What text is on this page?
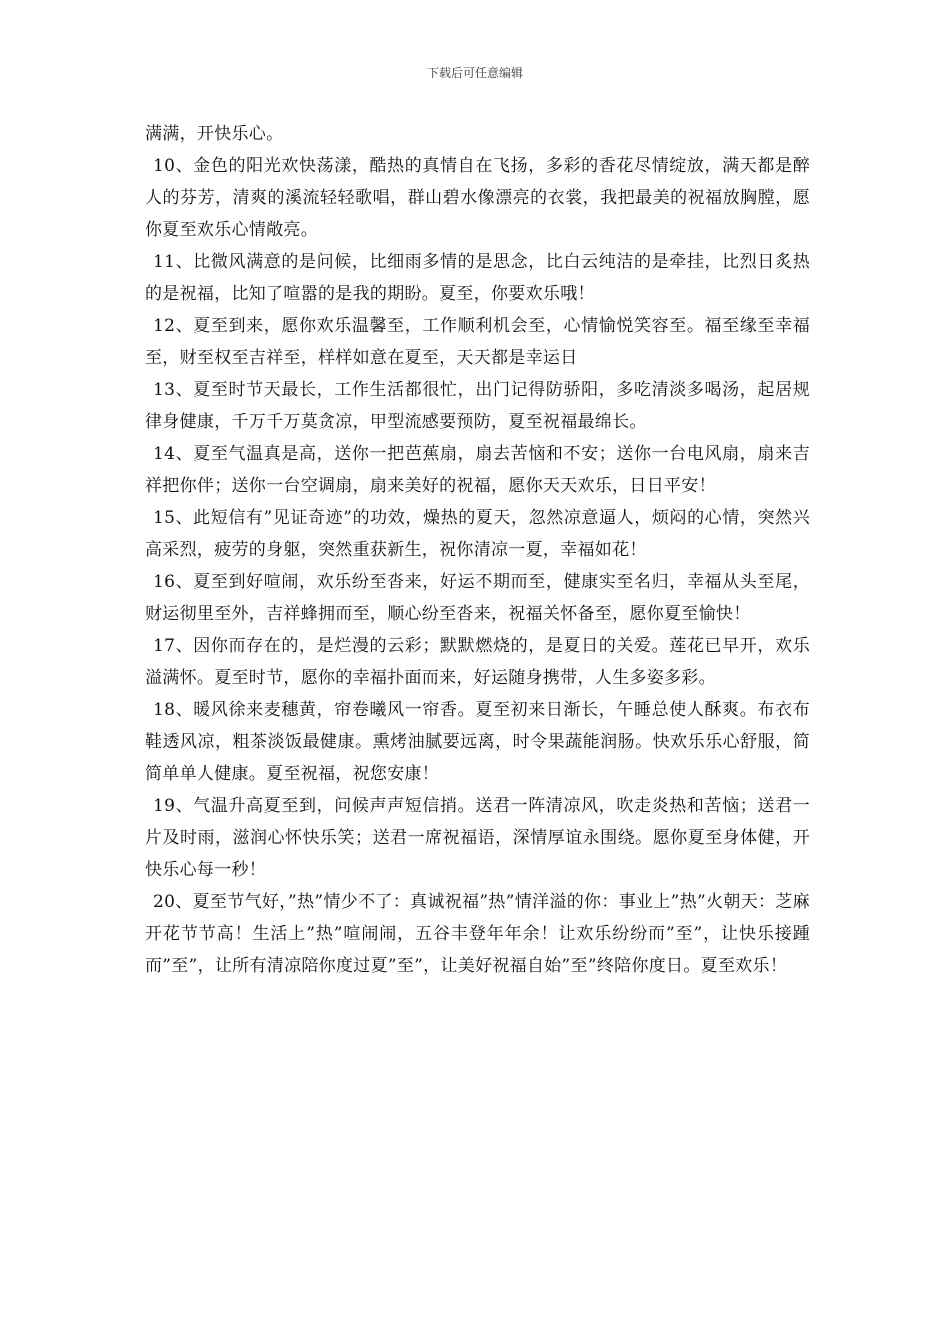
下载后可任意编辑

满满，开快乐心。

10、金色的阳光欢快荡漾，酷热的真情自在飞扬，多彩的香花尽情绽放，满天都是醉人的芬芳，清爽的溪流轻轻歌唱，群山碧水像漂亮的衣裳，我把最美的祝福放胸膛，愿你夏至欢乐心情敞亮。

11、比微风满意的是问候，比细雨多情的是思念，比白云纯洁的是牵挂，比烈日炙热的是祝福，比知了喧嚣的是我的期盼。夏至，你要欢乐哦！

12、夏至到来，愿你欢乐温馨至，工作顺利机会至，心情愉悦笑容至。福至缘至幸福至，财至权至吉祥至，样样如意在夏至，天天都是幸运日

13、夏至时节天最长，工作生活都很忙，出门记得防骄阳，多吃清淡多喝汤，起居规律身健康，千万千万莫贪凉，甲型流感要预防，夏至祝福最绵长。

14、夏至气温真是高，送你一把芭蕉扇，扇去苦恼和不安；送你一台电风扇，扇来吉祥把你伴；送你一台空调扇，扇来美好的祝福，愿你天天欢乐，日日平安！

15、此短信有”见证奇迹”的功效，燥热的夏天，忽然凉意逼人，烦闷的心情，突然兴高采烈，疲劳的身躯，突然重获新生，祝你清凉一夏，幸福如花！

16、夏至到好喧闹，欢乐纷至沓来，好运不期而至，健康实至名归，幸福从头至尾，财运彻里至外，吉祥蜂拥而至，顺心纷至沓来，祝福关怀备至，愿你夏至愉快！

17、因你而存在的，是烂漫的云彩；默默燃烧的，是夏日的关爱。莲花已早开，欢乐溢满怀。夏至时节，愿你的幸福扑面而来，好运随身携带，人生多姿多彩。

18、暖风徐来麦穗黄，帘卷曦风一帘香。夏至初来日渐长，午睡总使人酥爽。布衣布鞋透风凉，粗茶淡饭最健康。熏烤油腻要远离，时令果蔬能润肠。快欢乐乐心舒服，简简单单人健康。夏至祝福，祝您安康！

19、气温升高夏至到，问候声声短信捎。送君一阵清凉风，吹走炎热和苦恼；送君一片及时雨，滋润心怀快乐笑；送君一席祝福语，深情厚谊永围绕。愿你夏至身体健，开快乐心每一秒！

20、夏至节气好，”热”情少不了：真诚祝福”热”情洋溢的你：事业上”热”火朝天：芝麻开花节节高！生活上”热”喧闹闹，五谷丰登年年余！让欢乐纷纷而”至”，让快乐接踵而”至”，让所有清凉陪你度过夏”至”，让美好祝福自始”至”终陪你度日。夏至欢乐！
